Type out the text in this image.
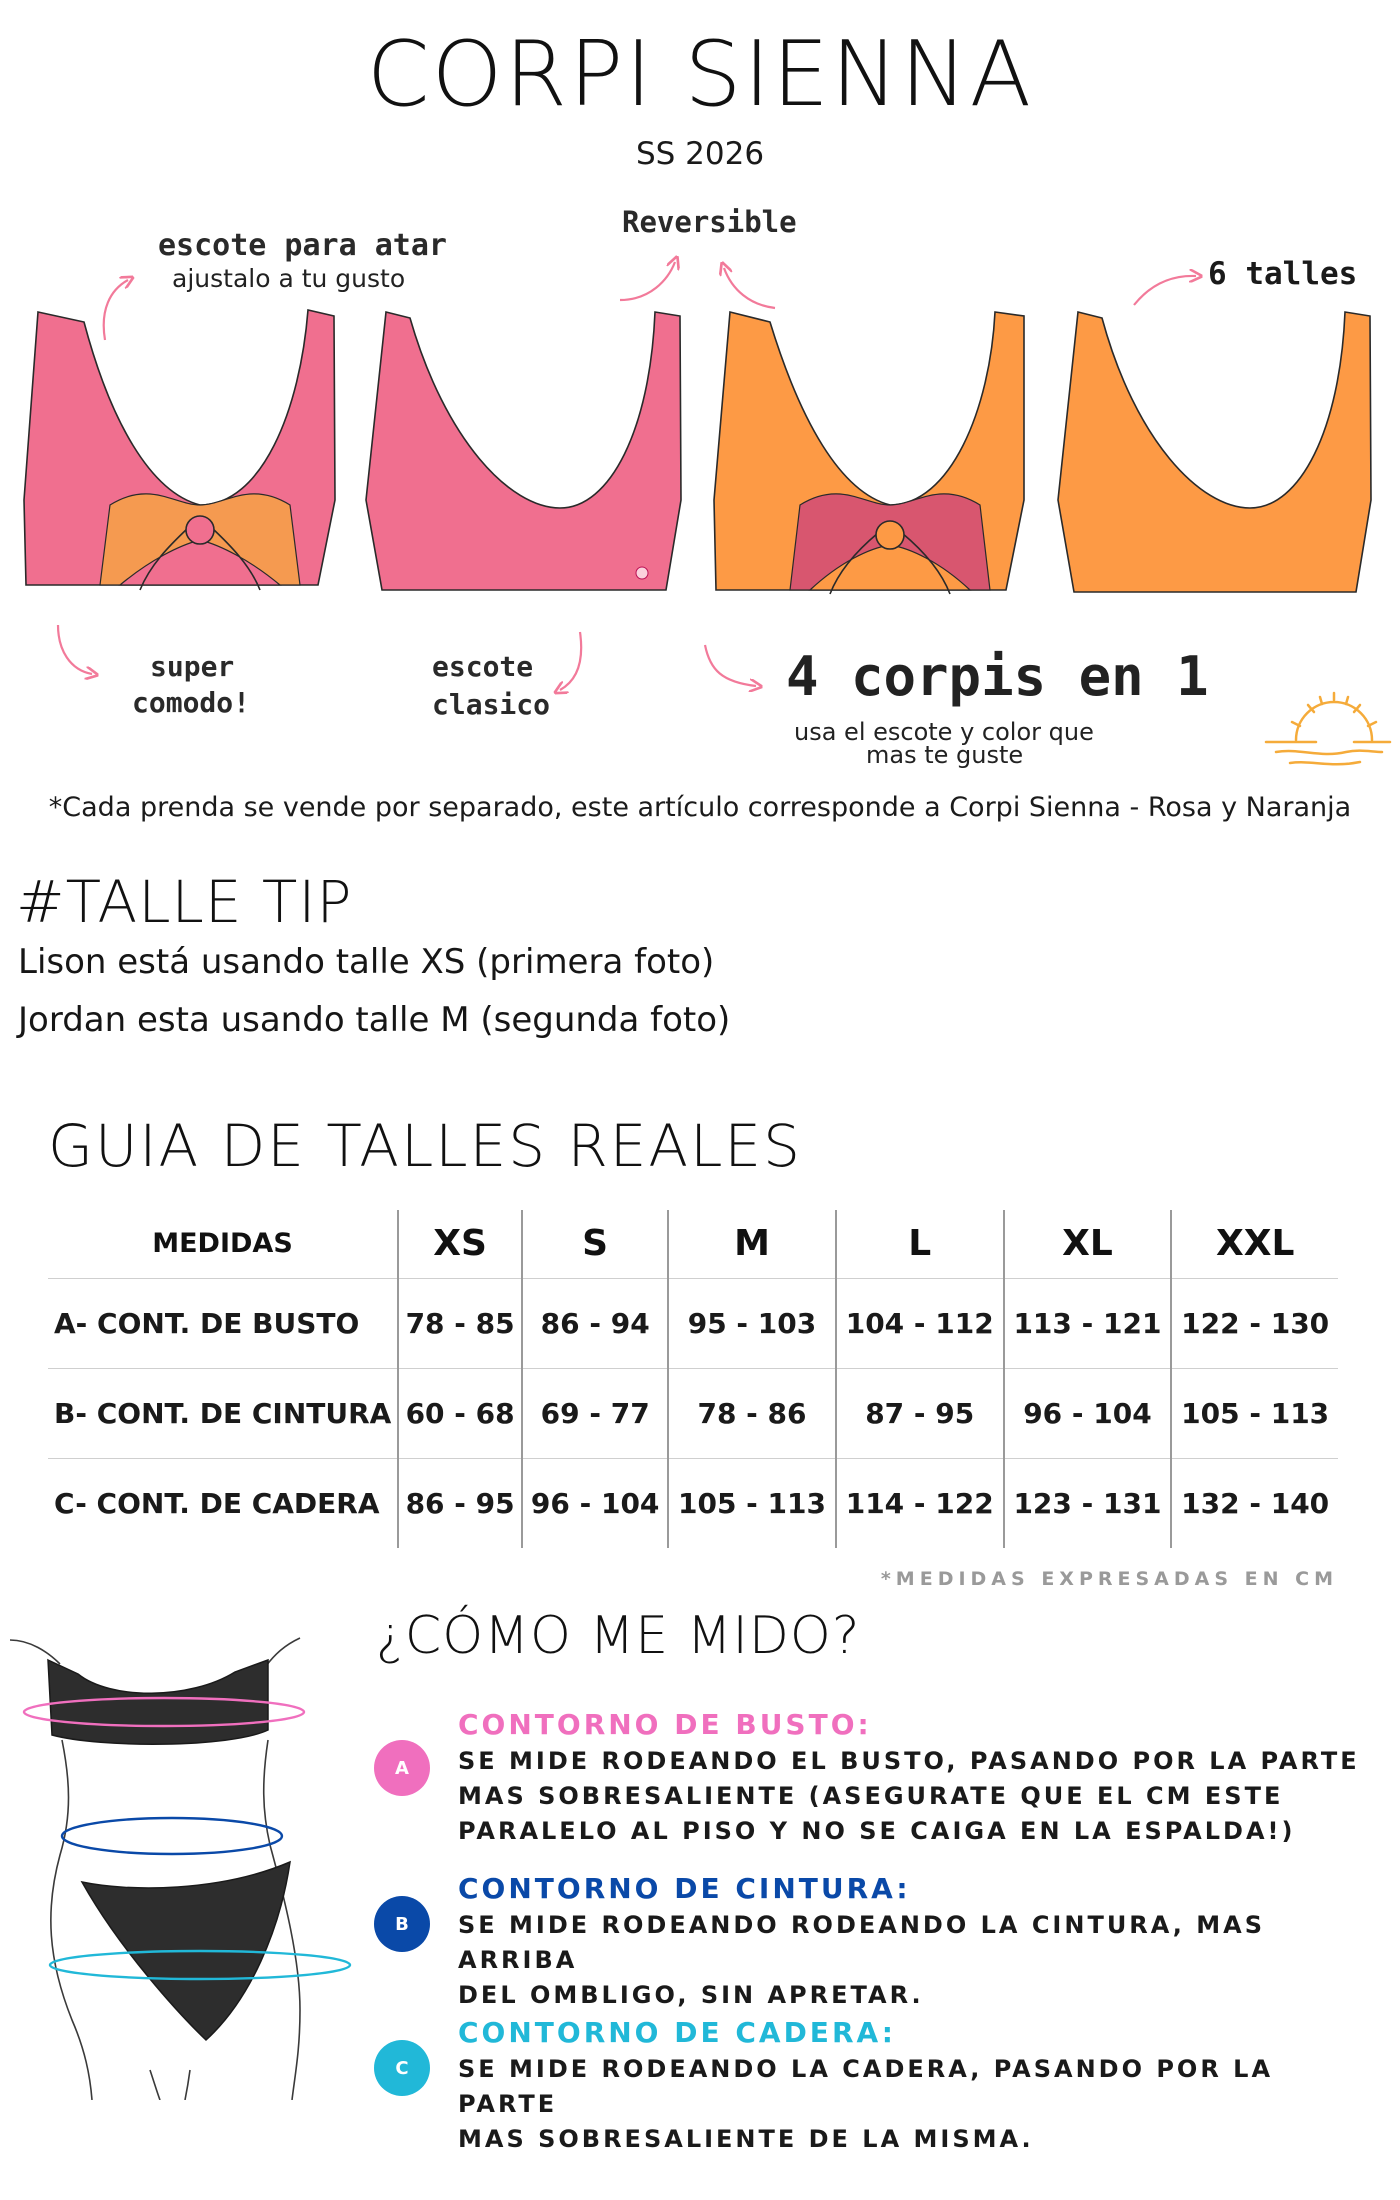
CORPI SIENNA
SS 2026
escote para atar
ajustalo a tu gusto
Reversible
6 talles
super
comodo!
escote
clasico	4 corpis en 1
usa el escote y color que
mas te guste
*Cada prenda se vende por separado, este artículo corresponde a Corpi Sienna - Rosa y Naranja
#TALLE TIP
Lison está usando talle XS (primera foto)
Jordan esta usando talle M (segunda foto)
GUIA DE TALLES REALES
MEDIDAS	XS	S	M	L	XL	XXL
A- CONT. DE BUSTO	78 - 85	86 - 94	95 - 103	104 - 112	113 - 121	122 - 130
B- CONT. DE CINTURA	60 - 68	69 - 77	78 - 86	87 - 95	96 - 104	105 - 113
C- CONT. DE CADERA	86 - 95	96 - 104	105 - 113	114 - 122	123 - 131	132 - 140
*MEDIDAS EXPRESADAS EN CM
¿CÓMO ME MIDO?
A
CONTORNO DE BUSTO:
SE MIDE RODEANDO EL BUSTO, PASANDO POR LA PARTE
MAS SOBRESALIENTE (ASEGURATE QUE EL CM ESTE
PARALELO AL PISO Y NO SE CAIGA EN LA ESPALDA!)
B
CONTORNO DE CINTURA:
SE MIDE RODEANDO RODEANDO LA CINTURA, MAS ARRIBA
DEL OMBLIGO, SIN APRETAR.
C
CONTORNO DE CADERA:
SE MIDE RODEANDO LA CADERA, PASANDO POR LA PARTE
MAS SOBRESALIENTE DE LA MISMA.
